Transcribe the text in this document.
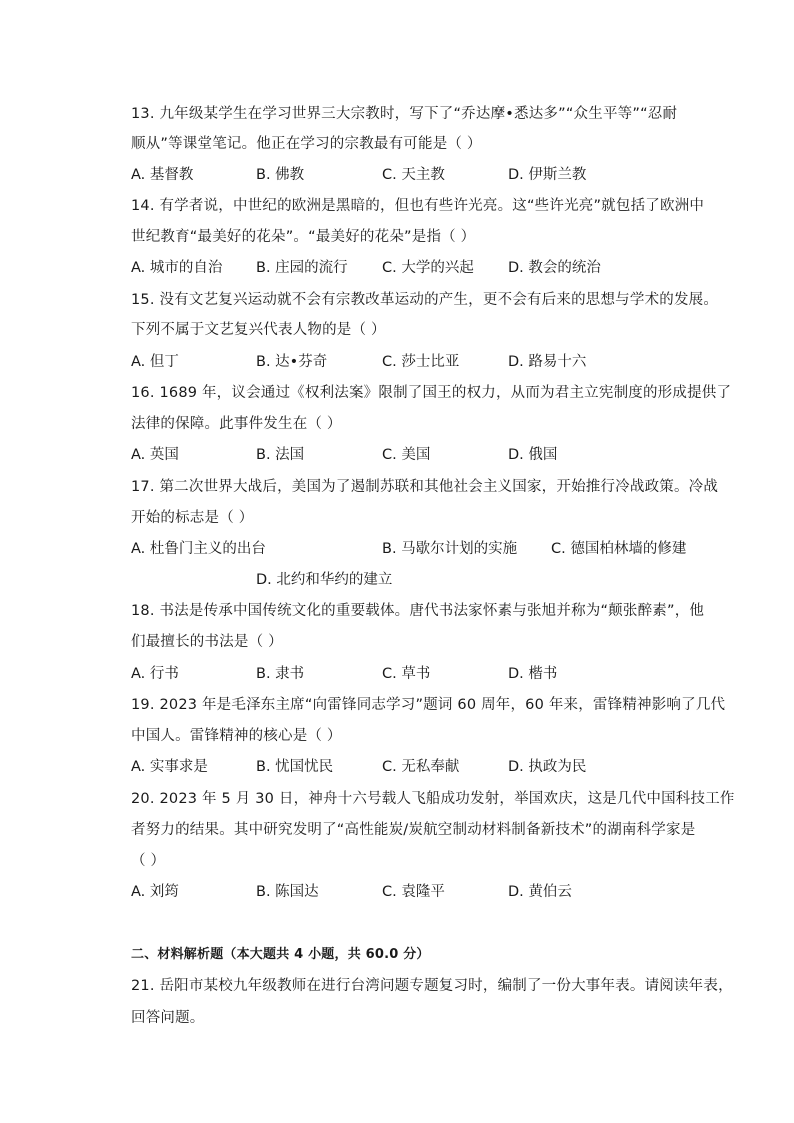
13. 九年级某学生在学习世界三大宗教时，写下了“乔达摩•悉达多”“众生平等”“忍耐
顺从”等课堂笔记。他正在学习的宗教最有可能是（ ）
A. 基督教	B. 佛教	C. 天主教	D. 伊斯兰教
14. 有学者说，中世纪的欧洲是黑暗的，但也有些许光亮。这“些许光亮”就包括了欧洲中
世纪教育“最美好的花朵”。“最美好的花朵”是指（ ）
A. 城市的自治 B. 庄园的流行 C. 大学的兴起 D. 教会的统治
15. 没有文艺复兴运动就不会有宗教改革运动的产生，更不会有后来的思想与学术的发展。
下列不属于文艺复兴代表人物的是（ ）
A. 但丁	B. 达•芬奇	C. 莎士比亚	D. 路易十六
16. 1689 年，议会通过《权利法案》限制了国王的权力，从而为君主立宪制度的形成提供了
法律的保障。此事件发生在（ ）
A. 英国	B. 法国	C. 美国	D. 俄国
17. 第二次世界大战后，美国为了遏制苏联和其他社会主义国家，开始推行冷战政策。冷战
开始的标志是（ ）
A. 杜鲁门主义的出台	B. 马歇尔计划的实施 C. 德国柏林墙的修建
D. 北约和华约的建立
18. 书法是传承中国传统文化的重要载体。唐代书法家怀素与张旭并称为“颠张醉素”，他
们最擅长的书法是（ ）
A. 行书	B. 隶书	C. 草书	D. 楷书
19. 2023 年是毛泽东主席“向雷锋同志学习”题词 60 周年，60 年来，雷锋精神影响了几代
中国人。雷锋精神的核心是（ ）
A. 实事求是	B. 忧国忧民	C. 无私奉献	D. 执政为民
20. 2023 年 5 月 30 日，神舟十六号载人飞船成功发射，举国欢庆，这是几代中国科技工作
者努力的结果。其中研究发明了“高性能炭/炭航空制动材料制备新技术”的湖南科学家是
（ ）
A. 刘筠	B. 陈国达	C. 袁隆平	D. 黄伯云
二、材料解析题（本大题共 4 小题，共 60.0 分）
21. 岳阳市某校九年级教师在进行台湾问题专题复习时，编制了一份大事年表。请阅读年表，
回答问题。
